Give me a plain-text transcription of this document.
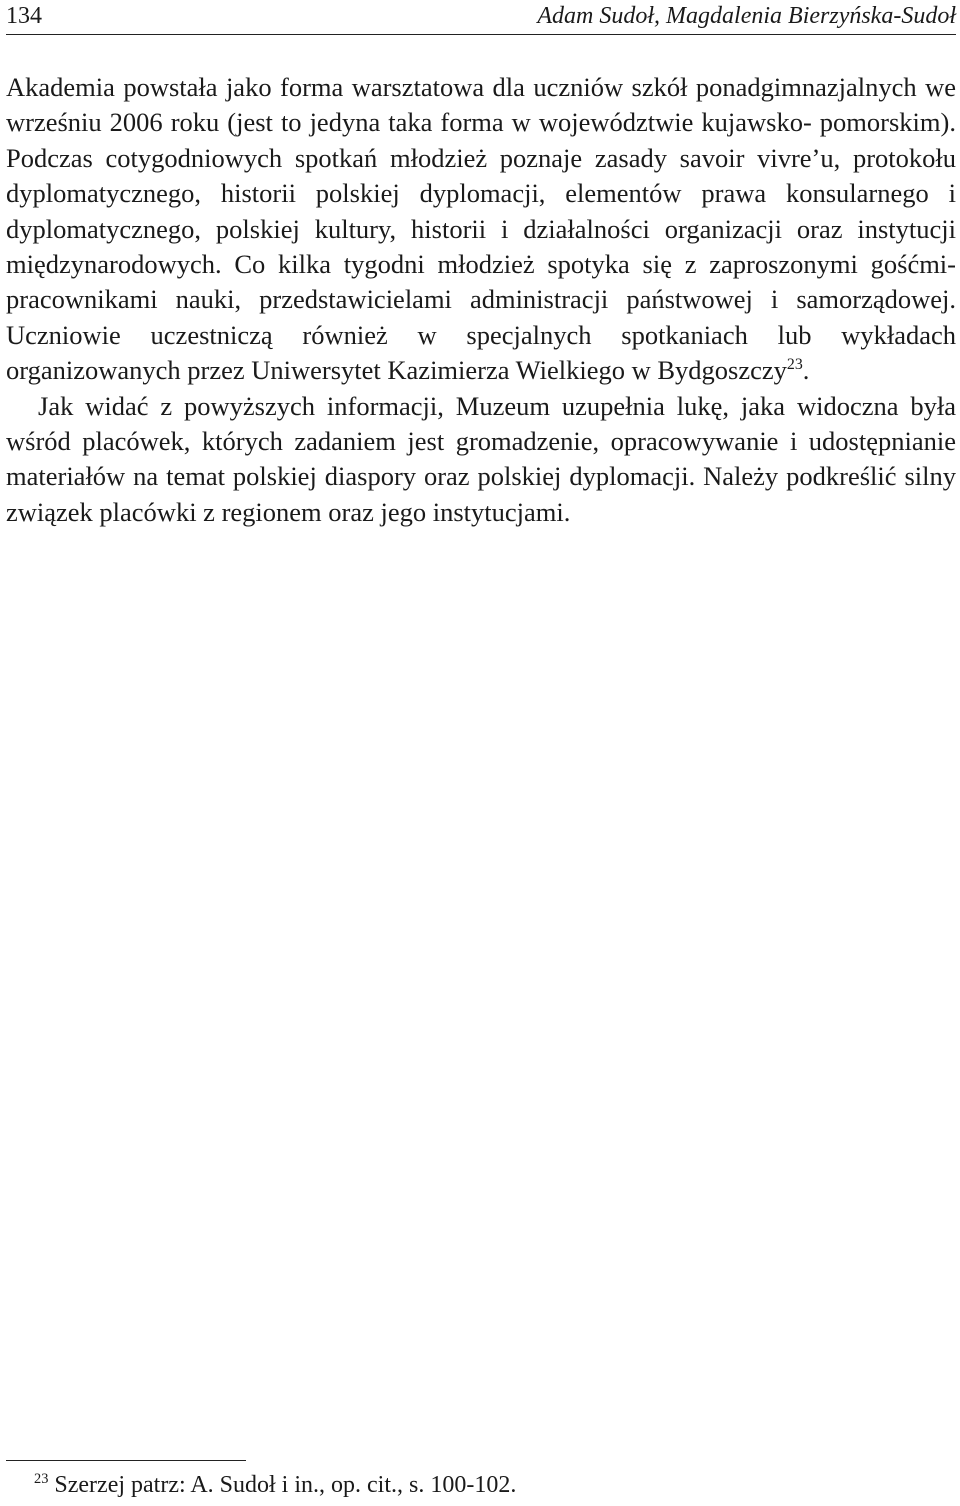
134	Adam Sudoł, Magdalenia Bierzyńska-Sudoł

Akademia powstała jako forma warsztatowa dla uczniów szkół ponadgimnazjalnych we wrześniu 2006 roku (jest to jedyna taka forma w województwie kujawsko- pomorskim). Podczas cotygodniowych spotkań młodzież poznaje zasady savoir vivre’u, protokołu dyplomatycznego, historii polskiej dyplomacji, elementów prawa konsularnego i dyplomatycznego, polskiej kultury, historii i działalności organizacji oraz instytucji międzynarodowych. Co kilka tygodni młodzież spotyka się z zaproszonymi gośćmi- pracownikami nauki, przedstawicielami administracji państwowej i samorządowej. Uczniowie uczestniczą również w specjalnych spotkaniach lub wykładach organizowanych przez Uniwersytet Kazimierza Wielkiego w Bydgoszczy$^{23}$.

Jak widać z powyższych informacji, Muzeum uzupełnia lukę, jaka widoczna była wśród placówek, których zadaniem jest gromadzenie, opracowywanie i udostępnianie materiałów na temat polskiej diaspory oraz polskiej dyplomacji. Należy podkreślić silny związek placówki z regionem oraz jego instytucjami.

$^{23}$ Szerzej patrz: A. Sudoł i in., op. cit., s. 100-102.
